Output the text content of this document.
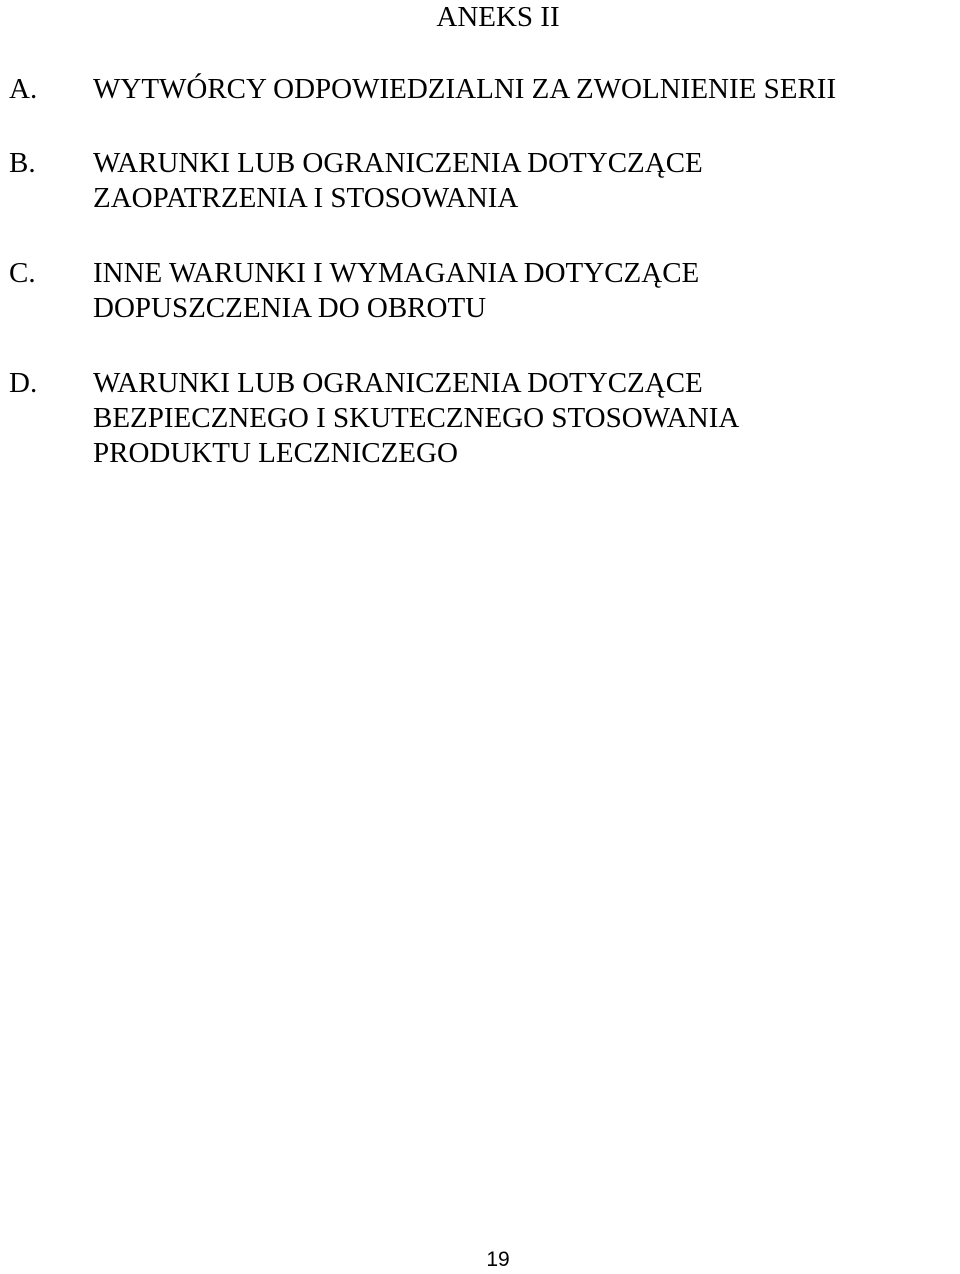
ANEKS II
A. WYTWÓRCY ODPOWIEDZIALNI ZA ZWOLNIENIE SERII
B. WARUNKI LUB OGRANICZENIA DOTYCZĄCE
ZAOPATRZENIA I STOSOWANIA
C. INNE WARUNKI I WYMAGANIA DOTYCZĄCE
DOPUSZCZENIA DO OBROTU
D. WARUNKI LUB OGRANICZENIA DOTYCZĄCE
BEZPIECZNEGO I SKUTECZNEGO STOSOWANIA
PRODUKTU LECZNICZEGO
19
